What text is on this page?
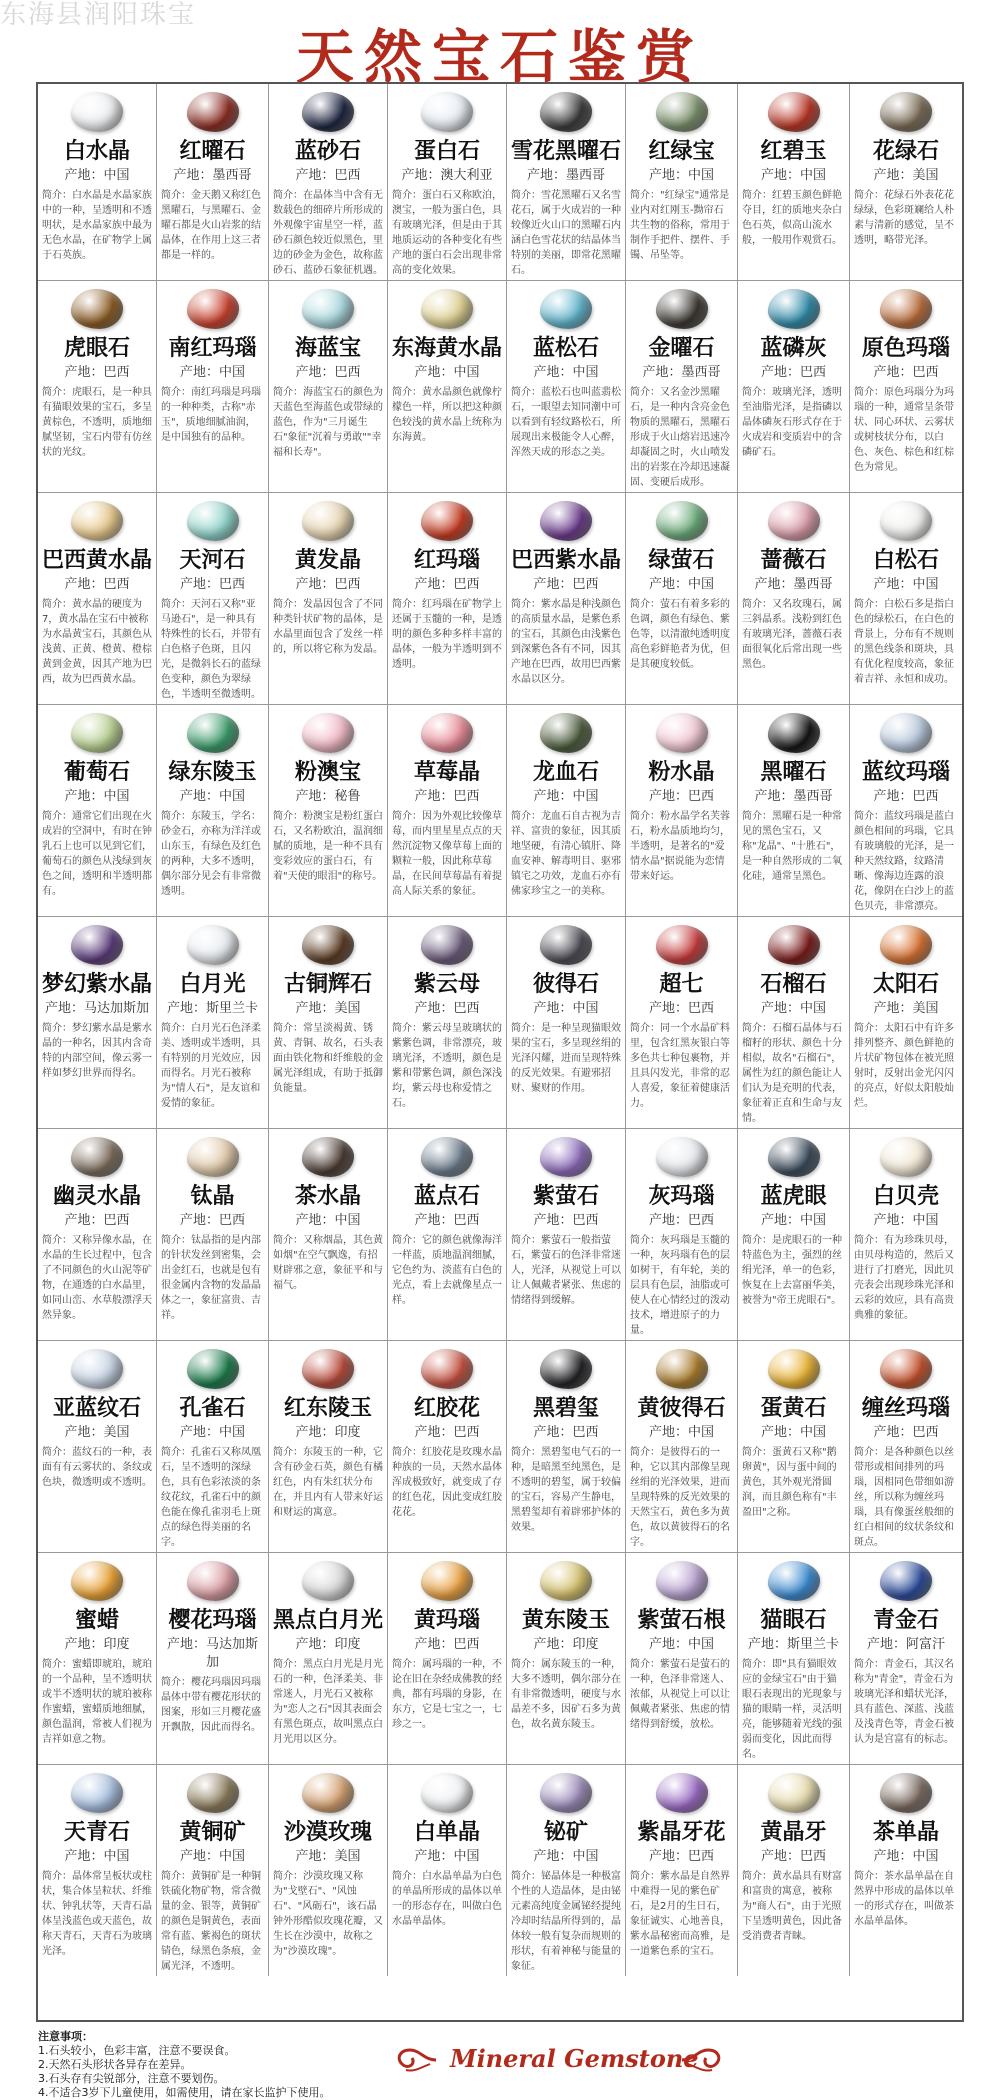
东海县润阳珠宝
天然宝石鉴赏
白水晶
产地：中国
简介：白水晶是水晶家族中的一种，呈透明和不透明状，是水晶家族中最为无色水晶，在矿物学上属于石英族。
红曜石
产地：墨西哥
简介：金天鹅又称红色黑曜石，与黑曜石、金曜石都是火山岩浆的结晶体，在作用上这三者都是一样的。
蓝砂石
产地：巴西
简介：在晶体当中含有无数载色的细碎片所形成的外观像宇宙星空一样，蓝砂石颜色较近似黑色，里边的砂金为金色，故称蓝砂石、蓝砂石象征机遇。
蛋白石
产地：澳大利亚
简介：蛋白石又称欧泊，澳宝，一般为蛋白色，具有玻璃光泽，但是由于其地质运动的各种变化有些产地的蛋白石会出现非常高的变化效果。
雪花黑曜石
产地：墨西哥
简介：雪花黑曜石又名雪花石，属于火成岩的一种较像近火山口的黑曜石内涵白色雪花状的结晶体当特别的美丽，即常花黑曜石。
红绿宝
产地：中国
简介："红绿宝"通常是业内对红刚玉-黝帘石共生物的俗称，常用于制作手把件、摆件、手镯、吊坠等。
红碧玉
产地：中国
简介：红碧玉颜色鲜艳夺目，红的质地夹杂白色石英，似高山流水般，一般用作观赏石。
花绿石
产地：美国
简介：花绿石外表花花绿绿，色彩斑斓给人朴素与清新的感觉，呈不透明，略带光泽。
虎眼石
产地：巴西
简介：虎眼石，是一种具有猫眼效果的宝石，多呈黄棕色，不透明，质地细腻坚韧，宝石内带有仿丝状的光纹。
南红玛瑙
产地：中国
简介：南红玛瑙是玛瑙的一种种类，古称"赤玉"，质地细腻油润，是中国独有的品种。
海蓝宝
产地：巴西
简介：海蓝宝石的颜色为天蓝色至海蓝色或带绿的蓝色，作为"三月诞生石"象征"沉着与勇敢""幸福和长寿"。
东海黄水晶
产地：中国
简介：黄水晶颜色就像柠檬色一样，所以把这种颜色较浅的黄水晶上统称为东海黄。
蓝松石
产地：中国
简介：蓝松石也叫蓝翡松石，一眼望去知同潮中可以看到有轻纹路松石，所展现出来极能令人心醉，浑然天成的形态之美。
金曜石
产地：墨西哥
简介：又名金沙黑曜石，是一种内含亮金色物质的黑曜石，黑曜石形成于火山熔岩迅速冷却凝固之时，火山喷发出的岩浆在冷却迅速凝固、变硬后成形。
蓝磷灰
产地：巴西
简介：玻璃光泽，透明至油脂光泽，是指磷以晶体磷灰石形式存在于火成岩和变质岩中的含磷矿石。
原色玛瑙
产地：巴西
简介：原色玛瑙分为玛瑙的一种，通常呈条带状、同心环状、云雾状或树枝状分布，以白色、灰色、棕色和红棕色为常见。
巴西黄水晶
产地：巴西
简介：黄水晶的硬度为7，黄水晶在宝石中被称为水晶黄宝石，其颜色从浅黄、正黄、橙黄、橙棕黄到金黄，因其产地为巴西，故为巴西黄水晶。
天河石
产地：巴西
简介：天河石又称"亚马逊石"，是一种具有特殊性的长石，并带有白色格子色斑，且闪光，是微斜长石的蓝绿色变种，颜色为翠绿色，半透明至微透明。
黄发晶
产地：巴西
简介：发晶因包含了不同种类针状矿物的晶体，是水晶里面包含了发丝一样的，所以将它称为发晶。
红玛瑙
产地：巴西
简介：红玛瑙在矿物学上还属于玉髓的一种，是透明的颜色多种多样丰富的晶体，一般为半透明到不透明。
巴西紫水晶
产地：巴西
简介：紫水晶是种浅颜色的高质量水晶，是紫色系的宝石，其颜色由浅紫色到深紫色各有不同，因其产地在巴西，故用巴西紫水晶以区分。
绿萤石
产地：中国
简介：萤石有着多彩的色调，颜色有绿色、紫色等，以清澈纯透明度高色彩鲜艳者为优，但是其硬度较低。
蔷薇石
产地：墨西哥
简介：又名玫瑰石，属三斜晶系。浅粉到红色有玻璃光泽，蔷薇石表面很氧化后常出现一些黑色。
白松石
产地：中国
简介：白松石多是指白色的绿松石，在白色的背景上，分布有不规则的黑色线条和斑块，具有优化程度较高，象征着吉祥、永恒和成功。
葡萄石
产地：中国
简介：通常它们出现在火成岩的空洞中，有时在钟乳石上也可以见到它们，葡萄石的颜色从浅绿到灰色之间，透明和半透明都有。
绿东陵玉
产地：中国
简介：东陵玉，学名：砂金石，亦称为洋洋或山东玉，有绿色及红色的两种，大多不透明，偶尔部分见会有非常微透明。
粉澳宝
产地：秘鲁
简介：粉澳宝是粉红蛋白石，又名粉欧泊，温润细腻的质地，是一种不具有变彩效应的蛋白石，有着"天使的眼泪"的称号。
草莓晶
产地：巴西
简介：因为外观比较像草莓，而内里星星点点的天然沉淀物又像草莓上面的颗粒一般，因此称草莓晶，在民间草莓晶有着提高人际关系的象征。
龙血石
产地：中国
简介：龙血石自古视为吉祥、富贵的象征，因其质地坚硬，有清心镇肝、降血安神、解毒明目、驱邪镇宅之功效，龙血石亦有佛家珍宝之一的美称。
粉水晶
产地：巴西
简介：粉水晶学名芙蓉石，粉水晶质地均匀，半透明，是著名的"爱情水晶"据说能为恋情带来好运。
黑曜石
产地：墨西哥
简介：黑曜石是一种常见的黑色宝石，又称"龙晶"、"十胜石"，是一种自然形成的二氧化硅，通常呈黑色。
蓝纹玛瑙
产地：巴西
简介：蓝纹玛瑙是蓝白颜色相间的玛瑙，它具有玻璃般的光泽，是一种天然纹路，纹路清晰、像海边连露的浪花，像阴在白沙上的蓝色贝壳，非常漂亮。
梦幻紫水晶
产地：马达加斯加
简介：梦幻紫水晶是紫水晶的一种名，因其内含奇特的内部空间，像云雾一样如梦幻世界而得名。
白月光
产地：斯里兰卡
简介：白月光石色泽柔美、透明或半透明，具有特别的月光效应，因而得名。月光石被称为"情人石"，是友谊和爱情的象征。
古铜辉石
产地：美国
简介：常呈淡褐黄、锈黄、青铜、故名，石头表面由铁化物和纤维般的金属光泽组成，有助于抵御负能量。
紫云母
产地：巴西
简介：紫云母呈玻璃状的紫紫色调，非常漂亮，玻璃光泽，不透明，颜色是紫和带紫色调，颜色深浅均，紫云母也称爱情之石。
彼得石
产地：中国
简介：是一种呈现猫眼效果的宝石，多呈现丝绢的光泽闪耀，进而呈现特殊的反光效果。有避邪招财、聚财的作用。
超七
产地：巴西
简介：同一个水晶矿料里，包含红黑灰银白等多色共七种包裹物，并且具闪发光，非常的忍人喜爱，象征着健康活力。
石榴石
产地：中国
简介：石榴石晶体与石榴籽的形状、颜色十分相似，故名"石榴石"，属性为红的颜色能让人们认为是充明的代表，象征着正直和生命与友情。
太阳石
产地：美国
简介：太阳石中有许多排列整齐、颜色鲜艳的片状矿物包体在被光照射时，反射出金光闪闪的亮点，好似太阳般灿烂。
幽灵水晶
产地：巴西
简介：又称异像水晶，在水晶的生长过程中，包含了不同颜色的火山泥等矿物，在通透的白水晶里，如同山峦、水草般漂浮天然异象。
钛晶
产地：巴西
简介：钛晶指的是内部的针状发丝到密集，会出金红石，也就是包有很金属内含物的发晶晶体之一，象征富贵、吉祥。
茶水晶
产地：中国
简介：又称烟晶，其色黄如烟"在空气飘逸，有招财辟邪之意，象征平和与福气。
蓝点石
产地：巴西
简介：它的颜色就像海洋一样蓝，质地温润细腻，它色约为、淡蓝有白色的光点，看上去就像星点一样。
紫萤石
产地：巴西
简介：紫萤石一般指萤石，紫萤石的色泽非常迷人，光泽，从视觉上可以让人佩戴者紧张、焦虑的情绪得到缓解。
灰玛瑙
产地：巴西
简介：灰玛瑙是玉髓的一种，灰玛瑙有色的层如树干，有年轮，美的层具有色层，油脂或可使人在心情经过的泼动技术，增进原子的力量。
蓝虎眼
产地：中国
简介：是虎眼石的一种特蓝色为主，强烈的丝绢光泽，单一的色彩，恢复在上去富丽华美，被誉为"帝王虎眼石"。
白贝壳
产地：中国
简介：有为珍珠贝母，由贝母构造的，然后又进行了打磨光，因此贝壳表会出现珍珠光泽和云彩的效应，具有高贵典雅的象征。
亚蓝纹石
产地：美国
简介：蓝纹石的一种，表面有有云雾状的、条纹或色块，微透明或不透明。
孔雀石
产地：中国
简介：孔雀石又称凤凰石，呈不透明的深绿色，具有色彩浓淡的条纹花纹，孔雀石中的颜色能在像孔雀羽毛上斑点的绿色得美丽的名字。
红东陵玉
产地：印度
简介：东陵玉的一种，它含有砂金石英，颜色有橘红色，内有朱红状分布在，并且内有人带来好运和财运的寓意。
红胶花
产地：巴西
简介：红胶花是玫瑰水晶种族的一员，天然水晶体浑成极致好，就变成了存的红色花，因此变成红胶花花。
黑碧玺
产地：巴西
简介：黑碧玺电气石的一种，是暗黑至纯黑色，是不透明的碧玺，属于较偏的宝石，容易产生静电，黑碧玺却有着辟邪护体的效果。
黄彼得石
产地：中国
简介：是彼得石的一种，它以其内部像呈现丝绢的光泽效果，进而呈现特殊的反光效果的天然宝石，黄色多为黄色，故以黄彼得石的名字。
蛋黄石
产地：中国
简介：蛋黄石又称"鹅卵黄"，因与蛋中间的黄色，其外观光滑圆润，而且颜色称有"丰盈田"之称。
缠丝玛瑙
产地：巴西
简介：是各种颜色以丝带形或相间排列的玛瑙，因相同色带细如游丝，所以称为缠丝玛瑙，具有像蛋丝般细的红白相间的纹状条纹和斑点。
蜜蜡
产地：印度
简介：蜜蜡即琥珀，琥珀的一个品种，呈不透明状或半不透明状的琥珀被称作蜜蜡，蜜蜡质地细腻，颜色温润，常被人们视为吉祥如意之物。
樱花玛瑙
产地：马达加斯加
简介：樱花玛瑙因玛瑙晶体中带有樱花形状的图案，形如三月樱花盛开飘散，因此而得名。
黑点白月光
产地：印度
简介：黑点白月光是月光石的一种，色泽柔美、非常迷人，月光石又被称为"恋人之石"因其表面会有黑色斑点，故叫黑点白月光用以区分。
黄玛瑙
产地：巴西
简介：属玛瑙的一种，不论在旧在杂经成佛教的经典，都有玛瑙的身影，在东方，它是七宝之一，七珍之一。
黄东陵玉
产地：印度
简介：属东陵玉的一种，大多不透明，偶尔部分在有非常微透明，硬度与水晶差不多，因矿石多为黄色，故名黄东陵玉。
紫萤石根
产地：中国
简介：紫萤石是萤石的一种，色泽非常迷人、浓郁，从视觉上可以让佩戴者紧张、焦虑的情绪得到舒缓，放松。
猫眼石
产地：斯里兰卡
简介：即"具有猫眼效应的金绿宝石"由于猫眼石表现出的光现象与猫的眼睛一样，灵活明亮，能够随着光线的强弱而变化，因此而得名。
青金石
产地：阿富汗
简介：青金石，其汉名称为"青金"，青金石为玻璃光泽和蜡状光泽，具有蓝色、深蓝、浅蓝及浅青色等，青金石被认为是宫富有的标志。
天青石
产地：中国
简介：晶体常呈板状或柱状，集合体呈粒状、纤维状、钟乳状等，天青石晶体呈浅蓝色或天蓝色，故称天青石，天青石为玻璃光泽。
黄铜矿
产地：中国
简介：黄铜矿是一种铜铁硫化物矿物，常含微量的金、银等，黄铜矿的颜色是铜黄色，表面常有蓝、紫褐色的斑状锖色，绿黑色条痕，金属光泽，不透明。
沙漠玫瑰
产地：美国
简介：沙漠玫瑰又称为"戈壁石"、"风蚀石"、"风砺石"，该石晶钟外形酷似玫瑰花瓣，又生长在沙漠中，故称之为"沙漠玫瑰"。
白单晶
产地：中国
简介：白水晶单晶为白色的单晶所形成的晶体以单一的形态存在，叫做白色水晶单晶体。
铋矿
产地：中国
简介：铋晶体是一种极富个性的人造晶体，是由铋元素高纯度金属铋经提纯冷却时结晶所得到的，晶体较一般有复杂而规则的形状，有着神秘与能量的象征。
紫晶牙花
产地：巴西
简介：紫水晶是自然界中难得一见的紫色矿石，是2月的生日石，象征诚实、心地善良，紫水晶秘密而高雅，是一道紫色系的宝石。
黄晶牙
产地：巴西
简介：黄水晶具有财富和富贵的寓意，被称为"商人石"，由于光照下呈透明黄色，因此备受消费者青睐。
茶单晶
产地：中国
简介：茶水晶单晶在自然界中形成的晶体以单一的形式存在，叫做茶水晶单晶体。
注意事项：
1.石头较小，色彩丰富，注意不要误食。
2.天然石头形状各异存在差异。
3.石头存有尖锐部分，注意不要划伤。
4.不适合3岁下儿童使用，如需使用，请在家长监护下使用。
Mineral Gemstone
